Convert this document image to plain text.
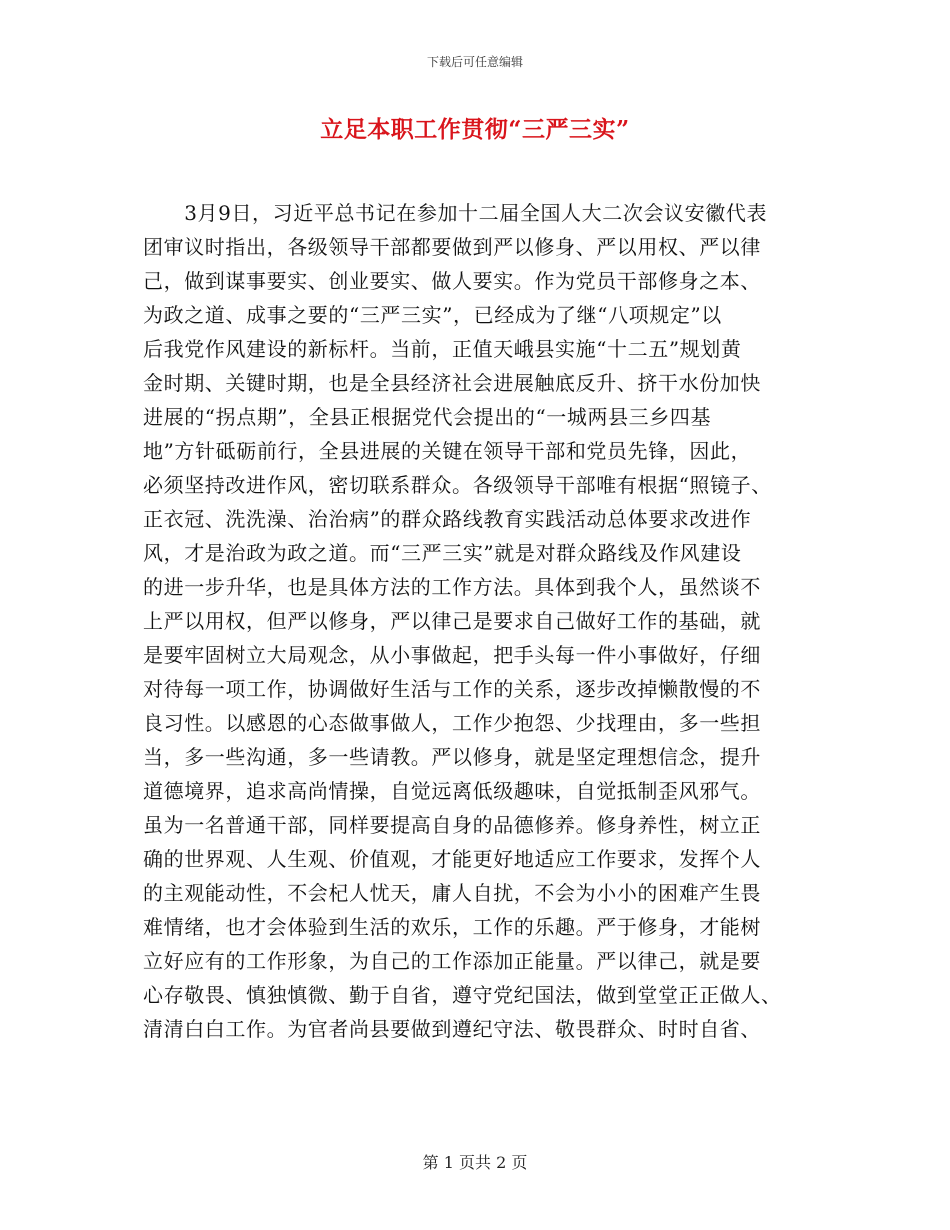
下载后可任意编辑
立足本职工作贯彻“三严三实”
　　3月9日，习近平总书记在参加十二届全国人大二次会议安徽代表
团审议时指出，各级领导干部都要做到严以修身、严以用权、严以律
己，做到谋事要实、创业要实、做人要实。作为党员干部修身之本、
为政之道、成事之要的“三严三实”，已经成为了继“八项规定”以
后我党作风建设的新标杆。当前，正值天峨县实施“十二五”规划黄
金时期、关键时期，也是全县经济社会进展触底反升、挤干水份加快
进展的“拐点期”，全县正根据党代会提出的“一城两县三乡四基
地”方针砥砺前行，全县进展的关键在领导干部和党员先锋，因此，
必须坚持改进作风，密切联系群众。各级领导干部唯有根据“照镜子、
正衣冠、洗洗澡、治治病”的群众路线教育实践活动总体要求改进作
风，才是治政为政之道。而“三严三实”就是对群众路线及作风建设
的进一步升华，也是具体方法的工作方法。具体到我个人，虽然谈不
上严以用权，但严以修身，严以律己是要求自己做好工作的基础，就
是要牢固树立大局观念，从小事做起，把手头每一件小事做好，仔细
对待每一项工作，协调做好生活与工作的关系，逐步改掉懒散慢的不
良习性。以感恩的心态做事做人，工作少抱怨、少找理由，多一些担
当，多一些沟通，多一些请教。严以修身，就是坚定理想信念，提升
道德境界，追求高尚情操，自觉远离低级趣味，自觉抵制歪风邪气。
虽为一名普通干部，同样要提高自身的品德修养。修身养性，树立正
确的世界观、人生观、价值观，才能更好地适应工作要求，发挥个人
的主观能动性，不会杞人忧天，庸人自扰，不会为小小的困难产生畏
难情绪，也才会体验到生活的欢乐，工作的乐趣。严于修身，才能树
立好应有的工作形象，为自己的工作添加正能量。严以律己，就是要
心存敬畏、慎独慎微、勤于自省，遵守党纪国法，做到堂堂正正做人、
清清白白工作。为官者尚县要做到遵纪守法、敬畏群众、时时自省、
第 1 页共 2 页
